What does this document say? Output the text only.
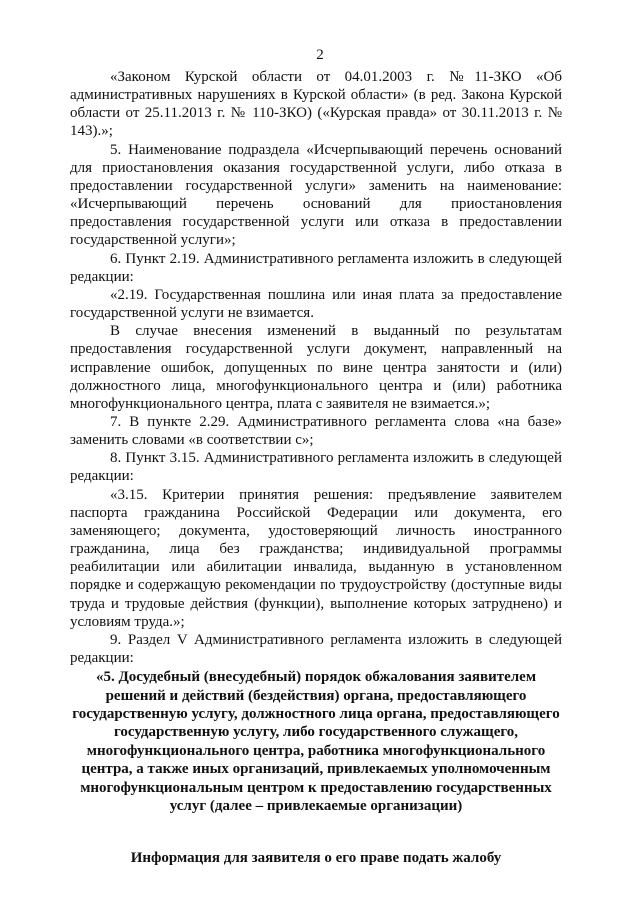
2

«Законом Курской области от 04.01.2003 г. №11-ЗКО «Об административных нарушениях в Курской области» (в ред. Закона Курской области от 25.11.2013 г. № 110-ЗКО) («Курская правда» от 30.11.2013 г. № 143).»;

5. Наименование подраздела «Исчерпывающий перечень оснований для приостановления оказания государственной услуги, либо отказа в предоставлении государственной услуги» заменить на наименование: «Исчерпывающий перечень оснований для приостановления предоставления государственной услуги или отказа в предоставлении государственной услуги»;

6. Пункт 2.19. Административного регламента изложить в следующей редакции:

«2.19. Государственная пошлина или иная плата за предоставление государственной услуги не взимается.

В случае внесения изменений в выданный по результатам предоставления государственной услуги документ, направленный на исправление ошибок, допущенных по вине центра занятости и (или) должностного лица, многофункционального центра и (или) работника многофункционального центра, плата с заявителя не взимается.»;

7. В пункте 2.29. Административного регламента слова «на базе» заменить словами «в соответствии с»;

8. Пункт 3.15. Административного регламента изложить в следующей редакции:

«3.15. Критерии принятия решения: предъявление заявителем паспорта гражданина Российской Федерации или документа, его заменяющего; документа, удостоверяющий личность иностранного гражданина, лица без гражданства; индивидуальной программы реабилитации или абилитации инвалида, выданную в установленном порядке и содержащую рекомендации по трудоустройству (доступные виды труда и трудовые действия (функции), выполнение которых затруднено) и условиям труда.»;

9. Раздел V Административного регламента изложить в следующей редакции:

«5. Досудебный (внесудебный) порядок обжалования заявителем решений и действий (бездействия) органа, предоставляющего государственную услугу, должностного лица органа, предоставляющего государственную услугу, либо государственного служащего, многофункционального центра, работника многофункционального центра, а также иных организаций, привлекаемых уполномоченным многофункциональным центром к предоставлению государственных услуг (далее – привлекаемые организации)

Информация для заявителя о его праве подать жалобу
